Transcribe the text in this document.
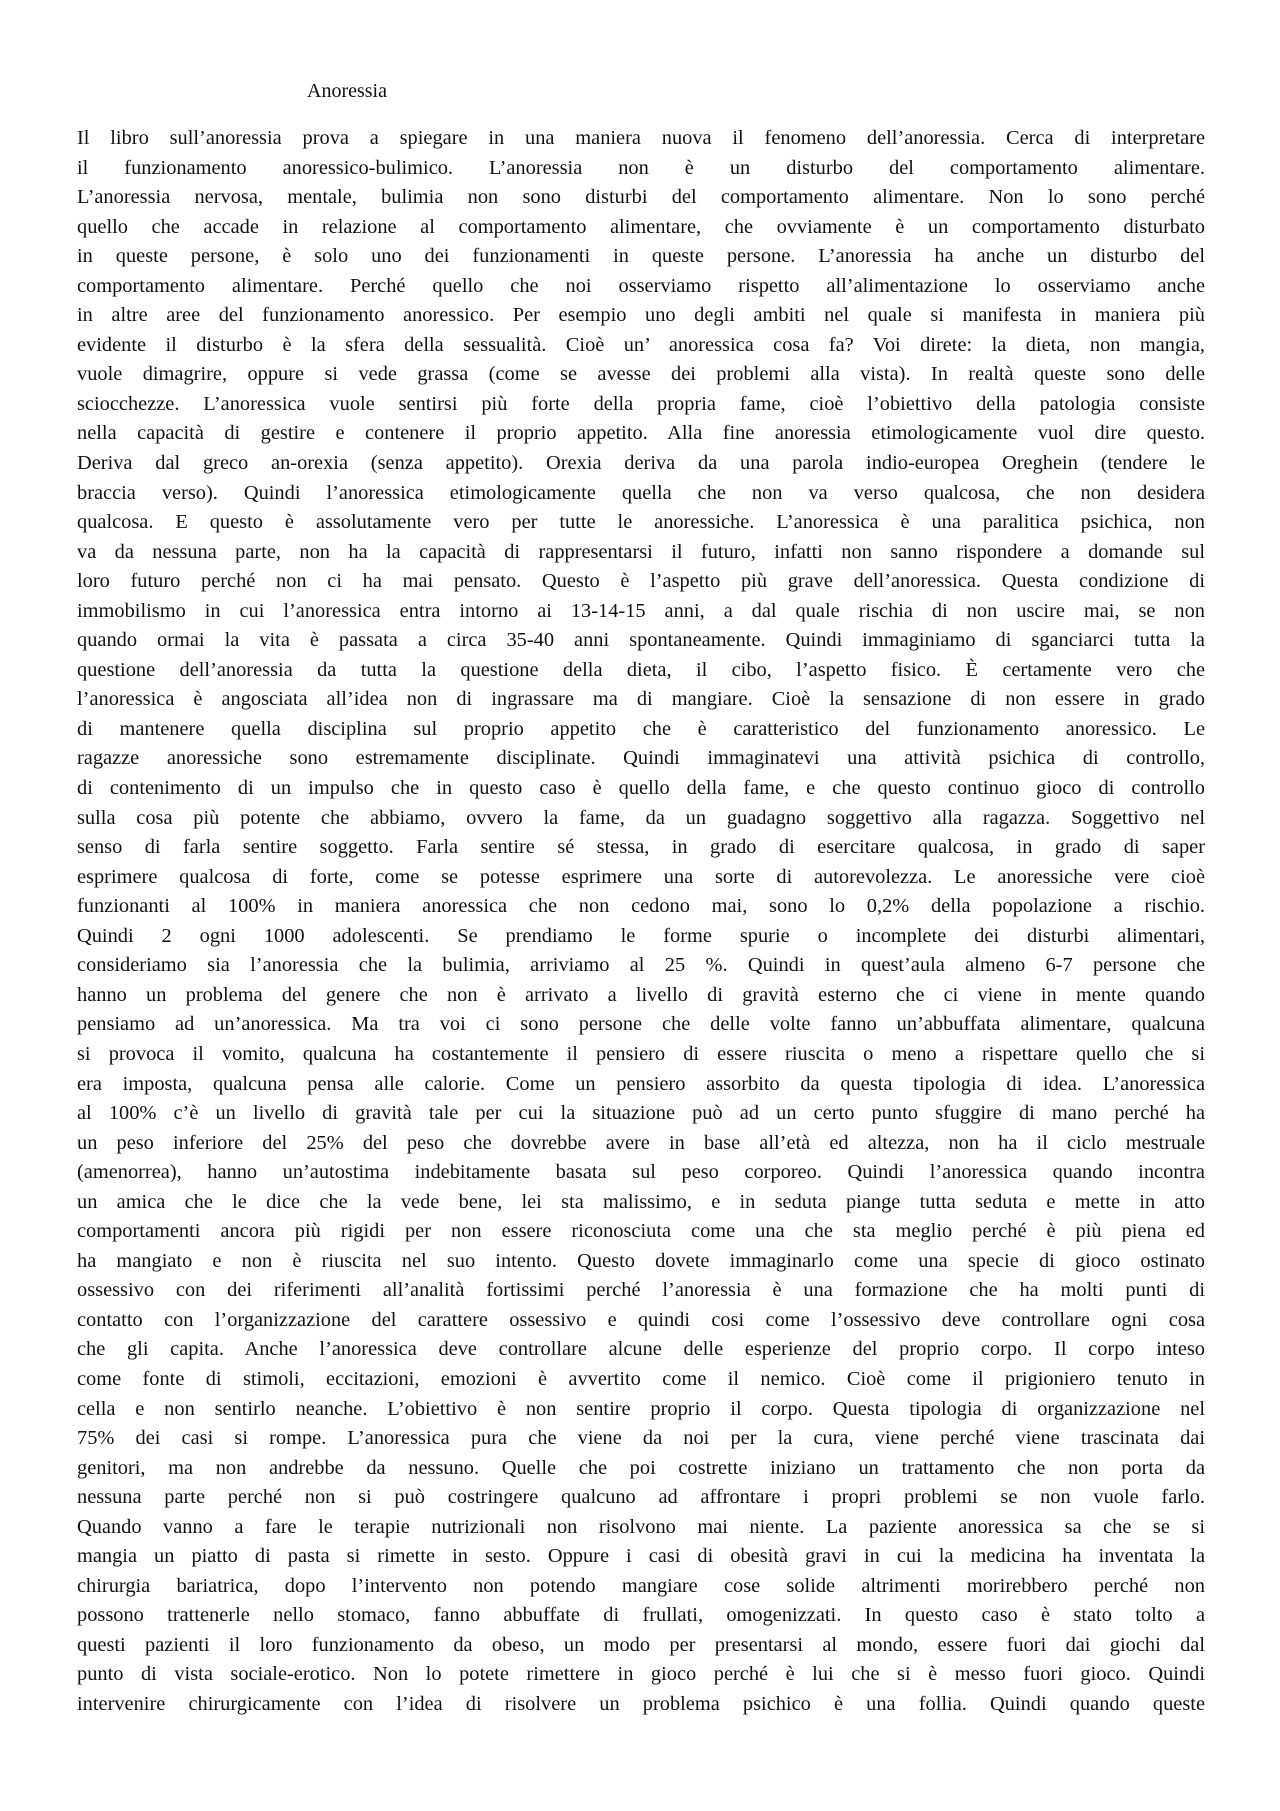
Anoressia
Il libro sull’anoressia prova a spiegare in una maniera nuova il fenomeno dell’anoressia. Cerca di interpretare
il funzionamento anoressico-bulimico. L’anoressia non è un disturbo del comportamento alimentare.
L’anoressia nervosa, mentale, bulimia non sono disturbi del comportamento alimentare. Non lo sono perché
quello che accade in relazione al comportamento alimentare, che ovviamente è un comportamento disturbato
in queste persone, è solo uno dei funzionamenti in queste persone. L’anoressia ha anche un disturbo del
comportamento alimentare. Perché quello che noi osserviamo rispetto all’alimentazione lo osserviamo anche
in altre aree del funzionamento anoressico. Per esempio uno degli ambiti nel quale si manifesta in maniera più
evidente il disturbo è la sfera della sessualità. Cioè un’ anoressica cosa fa? Voi direte: la dieta, non mangia,
vuole dimagrire, oppure si vede grassa (come se avesse dei problemi alla vista). In realtà queste sono delle
sciocchezze. L’anoressica vuole sentirsi più forte della propria fame, cioè l’obiettivo della patologia consiste
nella capacità di gestire e contenere il proprio appetito. Alla fine anoressia etimologicamente vuol dire questo.
Deriva dal greco an-orexia (senza appetito). Orexia deriva da una parola indio-europea Oreghein (tendere le
braccia verso). Quindi l’anoressica etimologicamente quella che non va verso qualcosa, che non desidera
qualcosa. E questo è assolutamente vero per tutte le anoressiche. L’anoressica è una paralitica psichica, non
va da nessuna parte, non ha la capacità di rappresentarsi il futuro, infatti non sanno rispondere a domande sul
loro futuro perché non ci ha mai pensato. Questo è l’aspetto più grave dell’anoressica. Questa condizione di
immobilismo in cui l’anoressica entra intorno ai 13-14-15 anni, a dal quale rischia di non uscire mai, se non
quando ormai la vita è passata a circa 35-40 anni spontaneamente. Quindi immaginiamo di sganciarci tutta la
questione dell’anoressia da tutta la questione della dieta, il cibo, l’aspetto fisico. È certamente vero che
l’anoressica è angosciata all’idea non di ingrassare ma di mangiare. Cioè la sensazione di non essere in grado
di mantenere quella disciplina sul proprio appetito che è caratteristico del funzionamento anoressico. Le
ragazze anoressiche sono estremamente disciplinate. Quindi immaginatevi una attività psichica di controllo,
di contenimento di un impulso che in questo caso è quello della fame, e che questo continuo gioco di controllo
sulla cosa più potente che abbiamo, ovvero la fame, da un guadagno soggettivo alla ragazza. Soggettivo nel
senso di farla sentire soggetto. Farla sentire sé stessa, in grado di esercitare qualcosa, in grado di saper
esprimere qualcosa di forte, come se potesse esprimere una sorte di autorevolezza. Le anoressiche vere cioè
funzionanti al 100% in maniera anoressica che non cedono mai, sono lo 0,2% della popolazione a rischio.
Quindi 2 ogni 1000 adolescenti. Se prendiamo le forme spurie o incomplete dei disturbi alimentari,
consideriamo sia l’anoressia che la bulimia, arriviamo al 25 %. Quindi in quest’aula almeno 6-7 persone che
hanno un problema del genere che non è arrivato a livello di gravità esterno che ci viene in mente quando
pensiamo ad un’anoressica. Ma tra voi ci sono persone che delle volte fanno un’abbuffata alimentare, qualcuna
si provoca il vomito, qualcuna ha costantemente il pensiero di essere riuscita o meno a rispettare quello che si
era imposta, qualcuna pensa alle calorie. Come un pensiero assorbito da questa tipologia di idea. L’anoressica
al 100% c’è un livello di gravità tale per cui la situazione può ad un certo punto sfuggire di mano perché ha
un peso inferiore del 25% del peso che dovrebbe avere in base all’età ed altezza, non ha il ciclo mestruale
(amenorrea), hanno un’autostima indebitamente basata sul peso corporeo. Quindi l’anoressica quando incontra
un amica che le dice che la vede bene, lei sta malissimo, e in seduta piange tutta seduta e mette in atto
comportamenti ancora più rigidi per non essere riconosciuta come una che sta meglio perché è più piena ed
ha mangiato e non è riuscita nel suo intento. Questo dovete immaginarlo come una specie di gioco ostinato
ossessivo con dei riferimenti all’analità fortissimi perché l’anoressia è una formazione che ha molti punti di
contatto con l’organizzazione del carattere ossessivo e quindi cosi come l’ossessivo deve controllare ogni cosa
che gli capita. Anche l’anoressica deve controllare alcune delle esperienze del proprio corpo. Il corpo inteso
come fonte di stimoli, eccitazioni, emozioni è avvertito come il nemico. Cioè come il prigioniero tenuto in
cella e non sentirlo neanche. L’obiettivo è non sentire proprio il corpo. Questa tipologia di organizzazione nel
75% dei casi si rompe. L’anoressica pura che viene da noi per la cura, viene perché viene trascinata dai
genitori, ma non andrebbe da nessuno. Quelle che poi costrette iniziano un trattamento che non porta da
nessuna parte perché non si può costringere qualcuno ad affrontare i propri problemi se non vuole farlo.
Quando vanno a fare le terapie nutrizionali non risolvono mai niente. La paziente anoressica sa che se si
mangia un piatto di pasta si rimette in sesto. Oppure i casi di obesità gravi in cui la medicina ha inventata la
chirurgia bariatrica, dopo l’intervento non potendo mangiare cose solide altrimenti morirebbero perché non
possono trattenerle nello stomaco, fanno abbuffate di frullati, omogenizzati. In questo caso è stato tolto a
questi pazienti il loro funzionamento da obeso, un modo per presentarsi al mondo, essere fuori dai giochi dal
punto di vista sociale-erotico. Non lo potete rimettere in gioco perché è lui che si è messo fuori gioco. Quindi
intervenire chirurgicamente con l’idea di risolvere un problema psichico è una follia. Quindi quando queste
